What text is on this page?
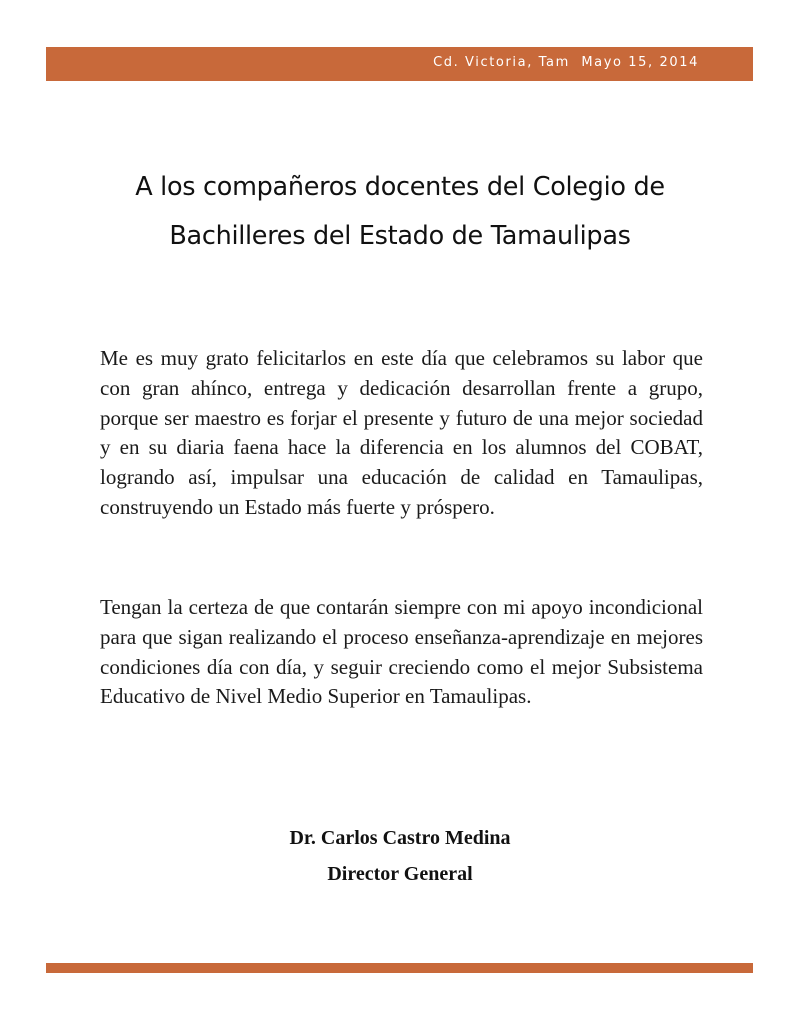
Cd. Victoria, Tam  Mayo 15, 2014
A los compañeros docentes del Colegio de
Bachilleres del Estado de Tamaulipas

Me es muy grato felicitarlos en este día que celebramos su labor que con gran ahínco, entrega y dedicación desarrollan frente a grupo, porque ser maestro es forjar el presente y futuro de una mejor sociedad y en su diaria faena hace la diferencia en los alumnos del COBAT, logrando así, impulsar una educación de calidad en Tamaulipas, construyendo un Estado más fuerte y próspero.

Tengan la certeza de que contarán siempre con mi apoyo incondicional para que sigan realizando el proceso enseñanza-aprendizaje en mejores condiciones día con día, y seguir creciendo como el mejor Subsistema Educativo de Nivel Medio Superior en Tamaulipas.

Dr. Carlos Castro Medina
Director General
